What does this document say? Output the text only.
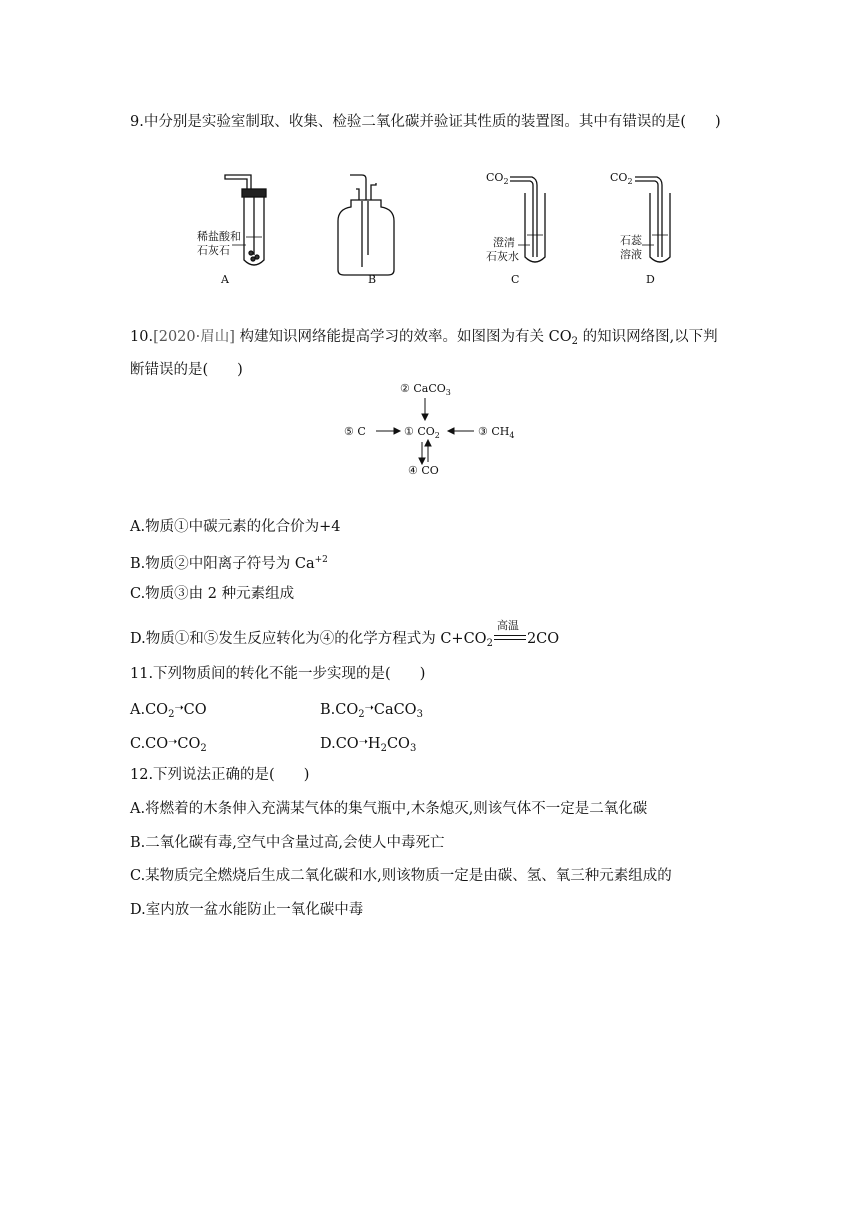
9.中分别是实验室制取、收集、检验二氧化碳并验证其性质的装置图。其中有错误的是(　　)
稀盐酸和
石灰石
$CO_2$
澄清
石灰水
$CO_2$
石蕊
溶液
A	B	C	D
10.[2020·眉山] 构建知识网络能提高学习的效率。如图图为有关 $CO_2$ 的知识网络图,以下判
断错误的是(　　)
② CaCO$_3$
⑤ C	① $CO_2$	③ $CH_4$
④ CO
A.物质①中碳元素的化合价为+4
B.物质②中阳离子符号为 $Ca^{+2}$
C.物质③由 2 种元素组成
D.物质①和⑤发生反应转化为④的化学方程式为 $C+CO_2$
高温
2CO
11.下列物质间的转化不能一步实现的是(　　)
$A.CO_2➝CO$	$B.CO_2➝CaCO_3$
$C.CO➝CO_2$	$D.CO➝H_2CO_3$
12.下列说法正确的是(　　)
A.将燃着的木条伸入充满某气体的集气瓶中,木条熄灭,则该气体不一定是二氧化碳
B.二氧化碳有毒,空气中含量过高,会使人中毒死亡
C.某物质完全燃烧后生成二氧化碳和水,则该物质一定是由碳、氢、氧三种元素组成的
D.室内放一盆水能防止一氧化碳中毒
